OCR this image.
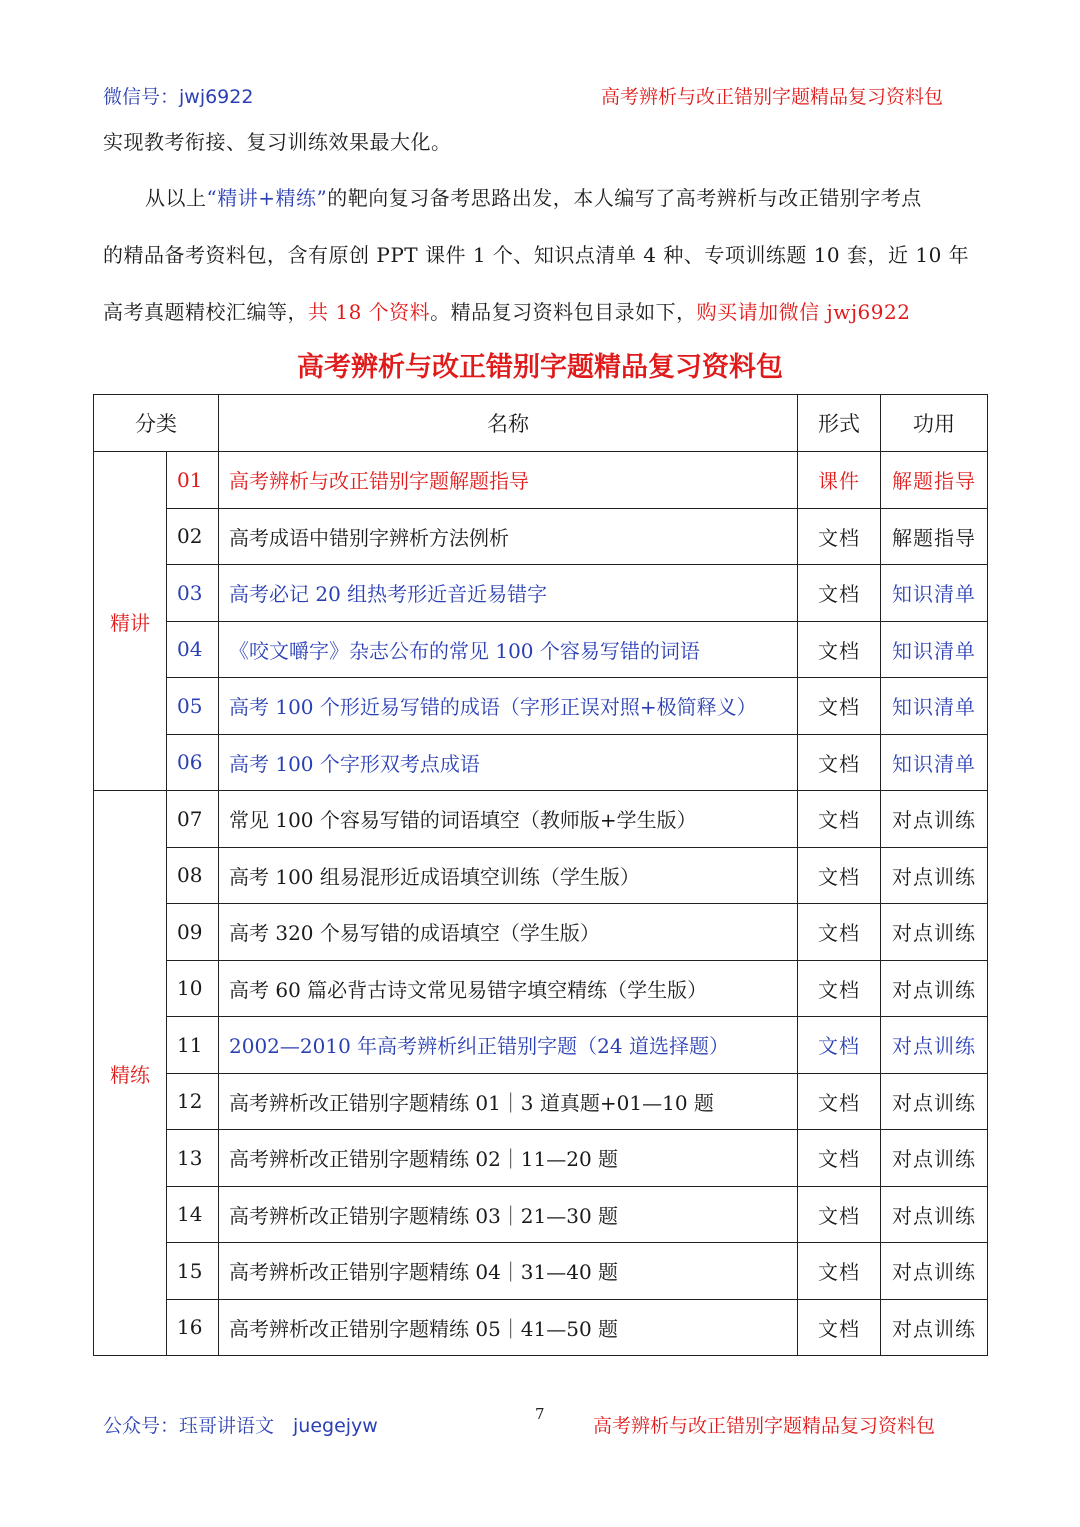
微信号：jwj6922	高考辨析与改正错别字题精品复习资料包
实现教考衔接、复习训练效果最大化。
从以上“精讲+精练”的靶向复习备考思路出发，本人编写了高考辨析与改正错别字考点
的精品备考资料包，含有原创 PPT 课件 1 个、知识点清单 4 种、专项训练题 10 套，近 10 年
高考真题精校汇编等，共 18 个资料。精品复习资料包目录如下，购买请加微信 jwj6922
高考辨析与改正错别字题精品复习资料包
分类		名称	形式	功用
精讲	01	高考辨析与改正错别字题解题指导	课件	解题指导
	02	高考成语中错别字辨析方法例析	文档	解题指导
	03	高考必记 20 组热考形近音近易错字	文档	知识清单
	04	《咬文嚼字》杂志公布的常见 100 个容易写错的词语	文档	知识清单
	05	高考 100 个形近易写错的成语（字形正误对照+极简释义）	文档	知识清单
	06	高考 100 个字形双考点成语	文档	知识清单
精练	07	常见 100 个容易写错的词语填空（教师版+学生版）	文档	对点训练
	08	高考 100 组易混形近成语填空训练（学生版）	文档	对点训练
	09	高考 320 个易写错的成语填空（学生版）	文档	对点训练
	10	高考 60 篇必背古诗文常见易错字填空精练（学生版）	文档	对点训练
	11	2002—2010 年高考辨析纠正错别字题（24 道选择题）	文档	对点训练
	12	高考辨析改正错别字题精练 01｜3 道真题+01—10 题	文档	对点训练
	13	高考辨析改正错别字题精练 02｜11—20 题	文档	对点训练
	14	高考辨析改正错别字题精练 03｜21—30 题	文档	对点训练
	15	高考辨析改正错别字题精练 04｜31—40 题	文档	对点训练
	16	高考辨析改正错别字题精练 05｜41—50 题	文档	对点训练
公众号：珏哥讲语文　juegejyw
7
高考辨析与改正错别字题精品复习资料包
